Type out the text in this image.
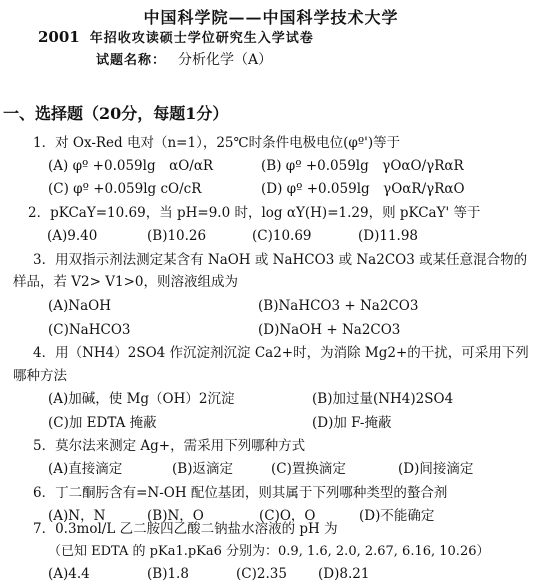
中国科学院——中国科学技术大学
2001 年招收攻读硕士学位研究生入学试卷
试题名称： 分析化学（A）
一、选择题（20分，每题1分）
1．对 Ox-Red 电对（n=1），25℃时条件电极电位(φº')等于
(A) φº +0.059lg　αO/αR	(B) φº +0.059lg　γOαO/γRαR
(C) φº +0.059lg cO/cR	(D) φº +0.059lg　γOαR/γRαO
2．pKCaY=10.69，当 pH=9.0 时，log αY(H)=1.29，则 pKCaY' 等于
(A)9.40	(B)10.26	(C)10.69	(D)11.98
3．用双指示剂法测定某含有 NaOH 或 NaHCO3 或 Na2CO3 或某任意混合物的
样品，若 V2> V1>0，则溶液组成为
(A)NaOH	(B)NaHCO3 + Na2CO3
(C)NaHCO3	(D)NaOH + Na2CO3
4．用（NH4）2SO4 作沉淀剂沉淀 Ca2+时，为消除 Mg2+的干扰，可采用下列
哪种方法
(A)加碱，使 Mg（OH）2沉淀	(B)加过量(NH4)2SO4
(C)加 EDTA 掩蔽	(D)加 F-掩蔽
5．莫尔法来测定 Ag+，需采用下列哪种方式
(A)直接滴定	(B)返滴定	(C)置换滴定	(D)间接滴定
6．丁二酮肟含有=N-OH 配位基团，则其属于下列哪种类型的螯合剂
(A)N，N	(B)N，O	(C)O，O	(D)不能确定
7．0.3mol/L 乙二胺四乙酸二钠盐水溶液的 pH 为
（已知 EDTA 的 pKa1.pKa6 分别为：0.9, 1.6, 2.0, 2.67, 6.16, 10.26）
(A)4.4	(B)1.8	(C)2.35 (D)8.21
